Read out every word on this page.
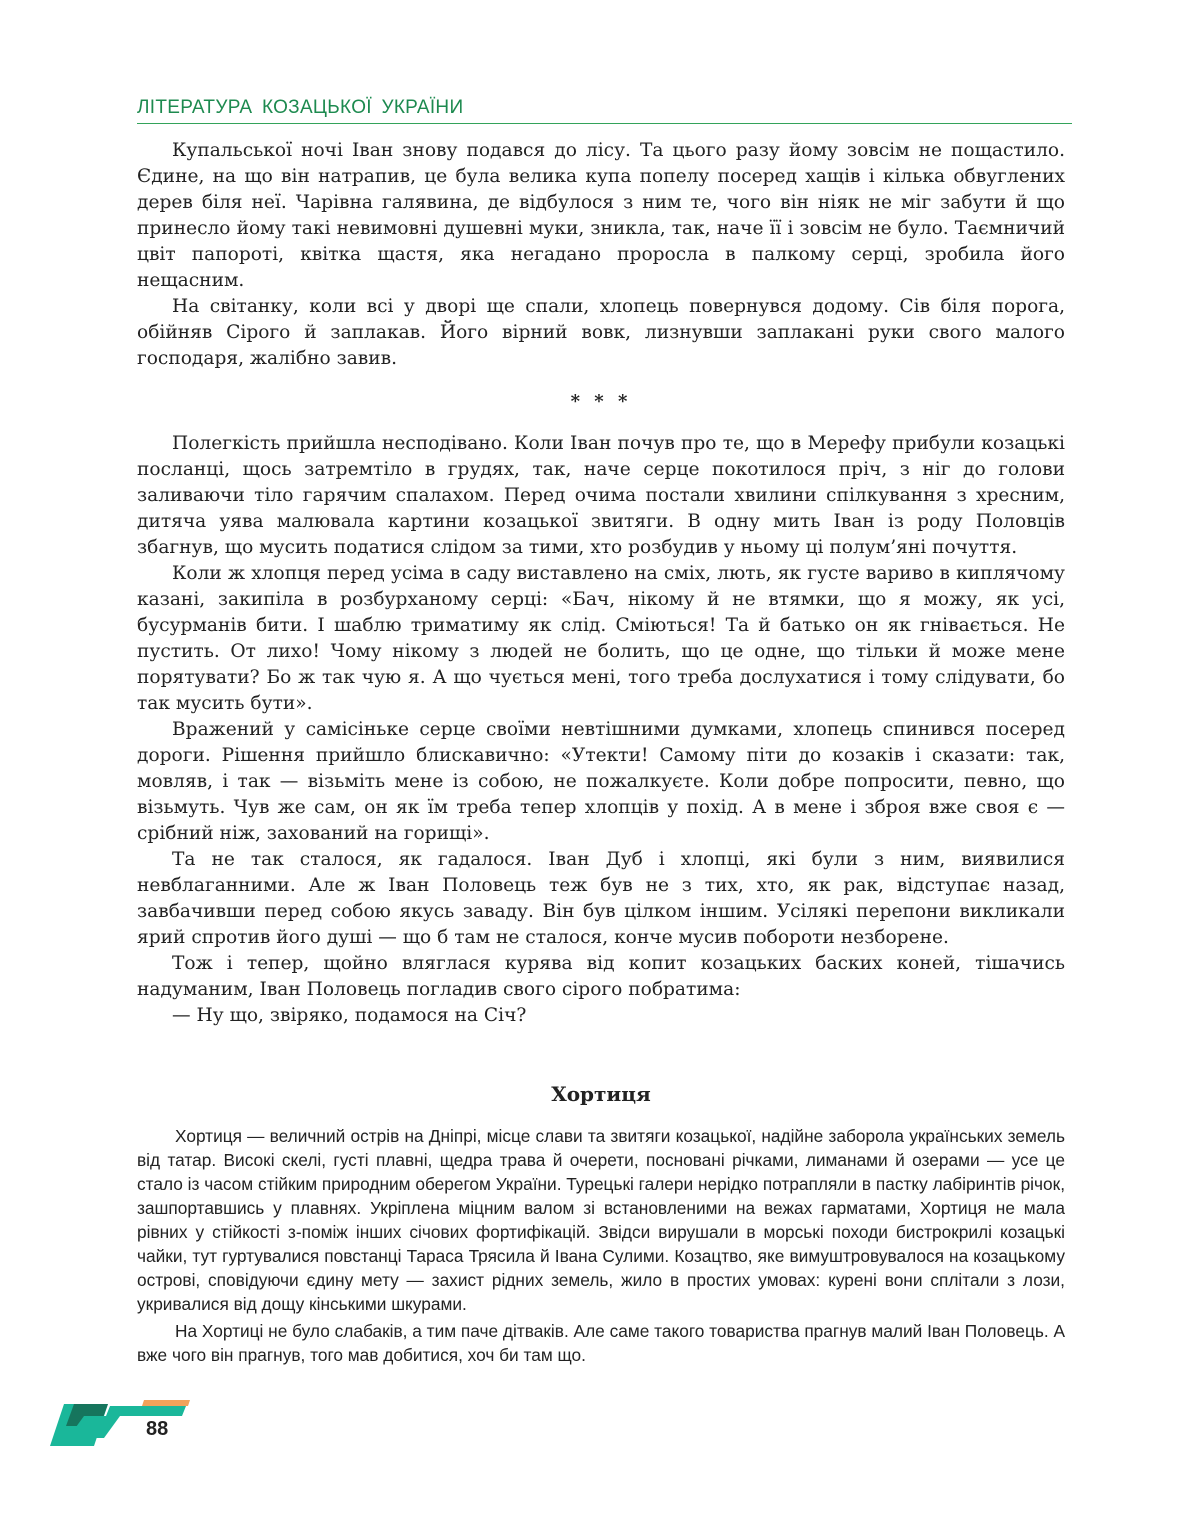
ЛІТЕРАТУРА КОЗАЦЬКОЇ УКРАЇНИ

Купальської ночі Іван знову подався до лісу. Та цього разу йому зовсім не пощастило. Єдине, на що він натрапив, це була велика купа попелу посеред хащів і кілька обвуглених дерев біля неї. Чарівна галявина, де відбулося з ним те, чого він ніяк не міг забути й що принесло йому такі невимовні душевні муки, зникла, так, наче її і зовсім не було. Таємничий цвіт папороті, квітка щастя, яка негадано проросла в палкому серці, зробила його нещасним.

На світанку, коли всі у дворі ще спали, хлопець повернувся додому. Сів біля порога, обійняв Сірого й заплакав. Його вірний вовк, лизнувши заплакані руки свого малого господаря, жалібно завив.

* * *

Полегкість прийшла несподівано. Коли Іван почув про те, що в Мерефу прибули козацькі посланці, щось затремтіло в грудях, так, наче серце покотилося пріч, з ніг до голови заливаючи тіло гарячим спалахом. Перед очима постали хвилини спілкування з хресним, дитяча уява малювала картини козацької звитяги. В одну мить Іван із роду Половців збагнув, що мусить податися слідом за тими, хто розбудив у ньому ці полум’яні почуття.

Коли ж хлопця перед усіма в саду виставлено на сміх, лють, як густе вариво в киплячому казані, закипіла в розбурханому серці: «Бач, нікому й не втямки, що я можу, як усі, бусурманів бити. І шаблю триматиму як слід. Сміються! Та й батько он як гнівається. Не пустить. От лихо! Чому нікому з людей не болить, що це одне, що тільки й може мене порятувати? Бо ж так чую я. А що чується мені, того треба дослухатися і тому слідувати, бо так мусить бути».

Вражений у самісіньке серце своїми невтішними думками, хлопець спинився посеред дороги. Рішення прийшло блискавично: «Утекти! Самому піти до козаків і сказати: так, мовляв, і так — візьміть мене із собою, не пожалкуєте. Коли добре попросити, певно, що візьмуть. Чув же сам, он як їм треба тепер хлопців у похід. А в мене і зброя вже своя є — срібний ніж, захований на горищі».

Та не так сталося, як гадалося. Іван Дуб і хлопці, які були з ним, виявилися невблаганними. Але ж Іван Половець теж був не з тих, хто, як рак, відступає назад, завбачивши перед собою якусь заваду. Він був цілком іншим. Усілякі перепони викликали ярий спротив його душі — що б там не сталося, конче мусив побороти незборене.

Тож і тепер, щойно вляглася курява від копит козацьких баских коней, тішачись надуманим, Іван Половець погладив свого сірого побратима:

— Ну що, звіряко, подамося на Січ?

Хортиця

Хортиця — величний острів на Дніпрі, місце слави та звитяги козацької, надійне заборола українських земель від татар. Високі скелі, густі плавні, щедра трава й очерети, посновані річками, лиманами й озерами — усе це стало із часом стійким природним оберегом України. Турецькі галери нерідко потрапляли в пастку лабіринтів річок, зашпортавшись у плавнях. Укріплена міцним валом зі встановленими на вежах гарматами, Хортиця не мала рівних у стійкості з-поміж інших січових фортифікацій. Звідси вирушали в морські походи бистрокрилі козацькі чайки, тут гуртувалися повстанці Тараса Трясила й Івана Сулими. Козацтво, яке вимуштровувалося на козацькому острові, сповідуючи єдину мету — захист рідних земель, жило в простих умовах: курені вони сплітали з лози, укривалися від дощу кінськими шкурами.

На Хортиці не було слабаків, а тим паче дітваків. Але саме такого товариства прагнув малий Іван Половець. А вже чого він прагнув, того мав добитися, хоч би там що.

88
